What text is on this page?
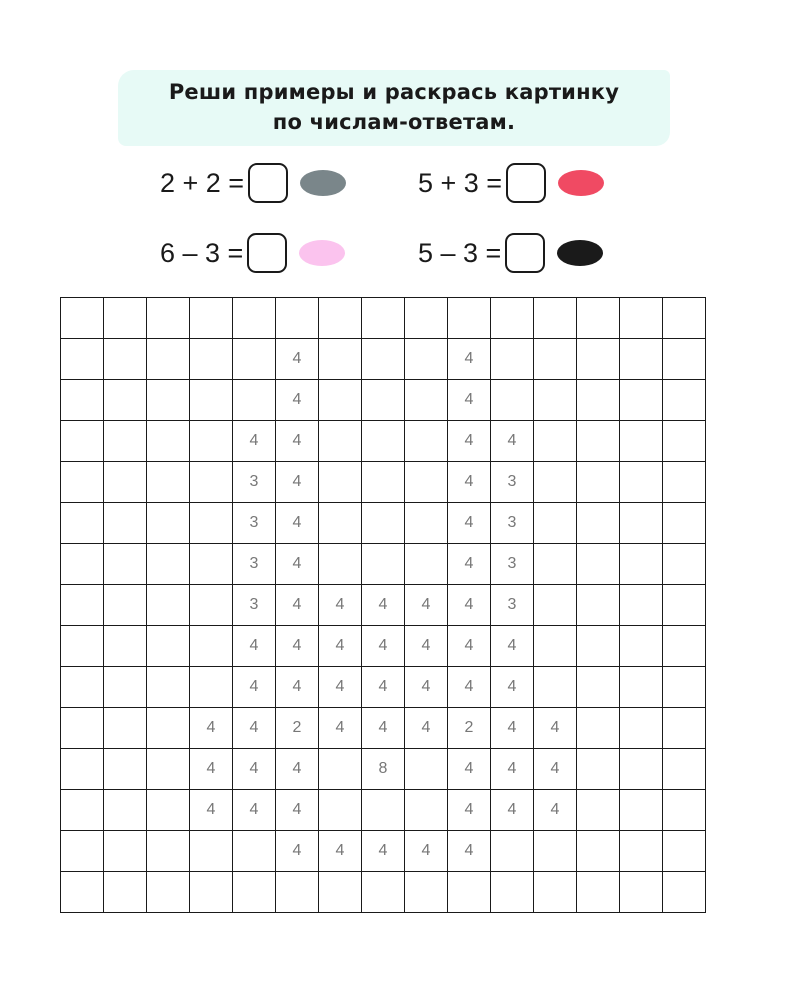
Реши примеры и раскрась картинку
по числам-ответам.
2 + 2 =	5 + 3 =
6 – 3 =	5 – 3 =

					4				4					
					4				4					
				4	4				4	4				
				3	4				4	3				
				3	4				4	3				
				3	4				4	3				
				3	4	4	4	4	4	3				
				4	4	4	4	4	4	4				
				4	4	4	4	4	4	4				
			4	4	2	4	4	4	2	4	4			
			4	4	4		8		4	4	4			
			4	4	4				4	4	4			
					4	4	4	4	4					
